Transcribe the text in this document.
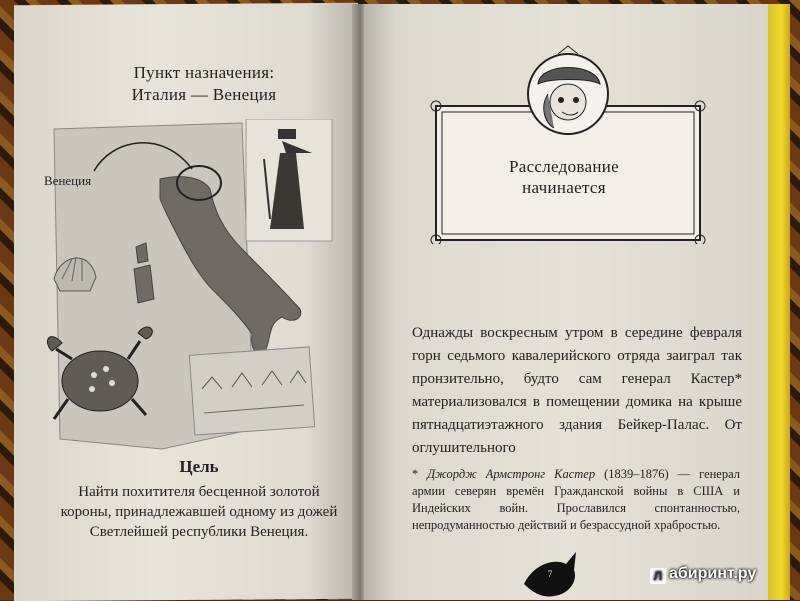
Пункт назначения:
Италия — Венеция
Венеция
Цель
Найти похитителя бесценной золотой короны, принадлежавшей одному из дожей Светлейшей республики Венеция.
Расследование
начинается
Однажды воскресным утром в середине февраля горн седьмого кавалерийского отряда заиграл так пронзительно, будто сам генерал Кастер* материализовался в помещении домика на крыше пятнадцатиэтажного здания Бейкер-Палас. От оглушительного
* Джордж Армстронг Кастер (1839–1876) — генерал армии северян времён Гражданской войны в США и Индейских войн. Прославился спонтанностью, непродуманностью действий и безрассудной храбростью.
7	Л абиринт.ру
